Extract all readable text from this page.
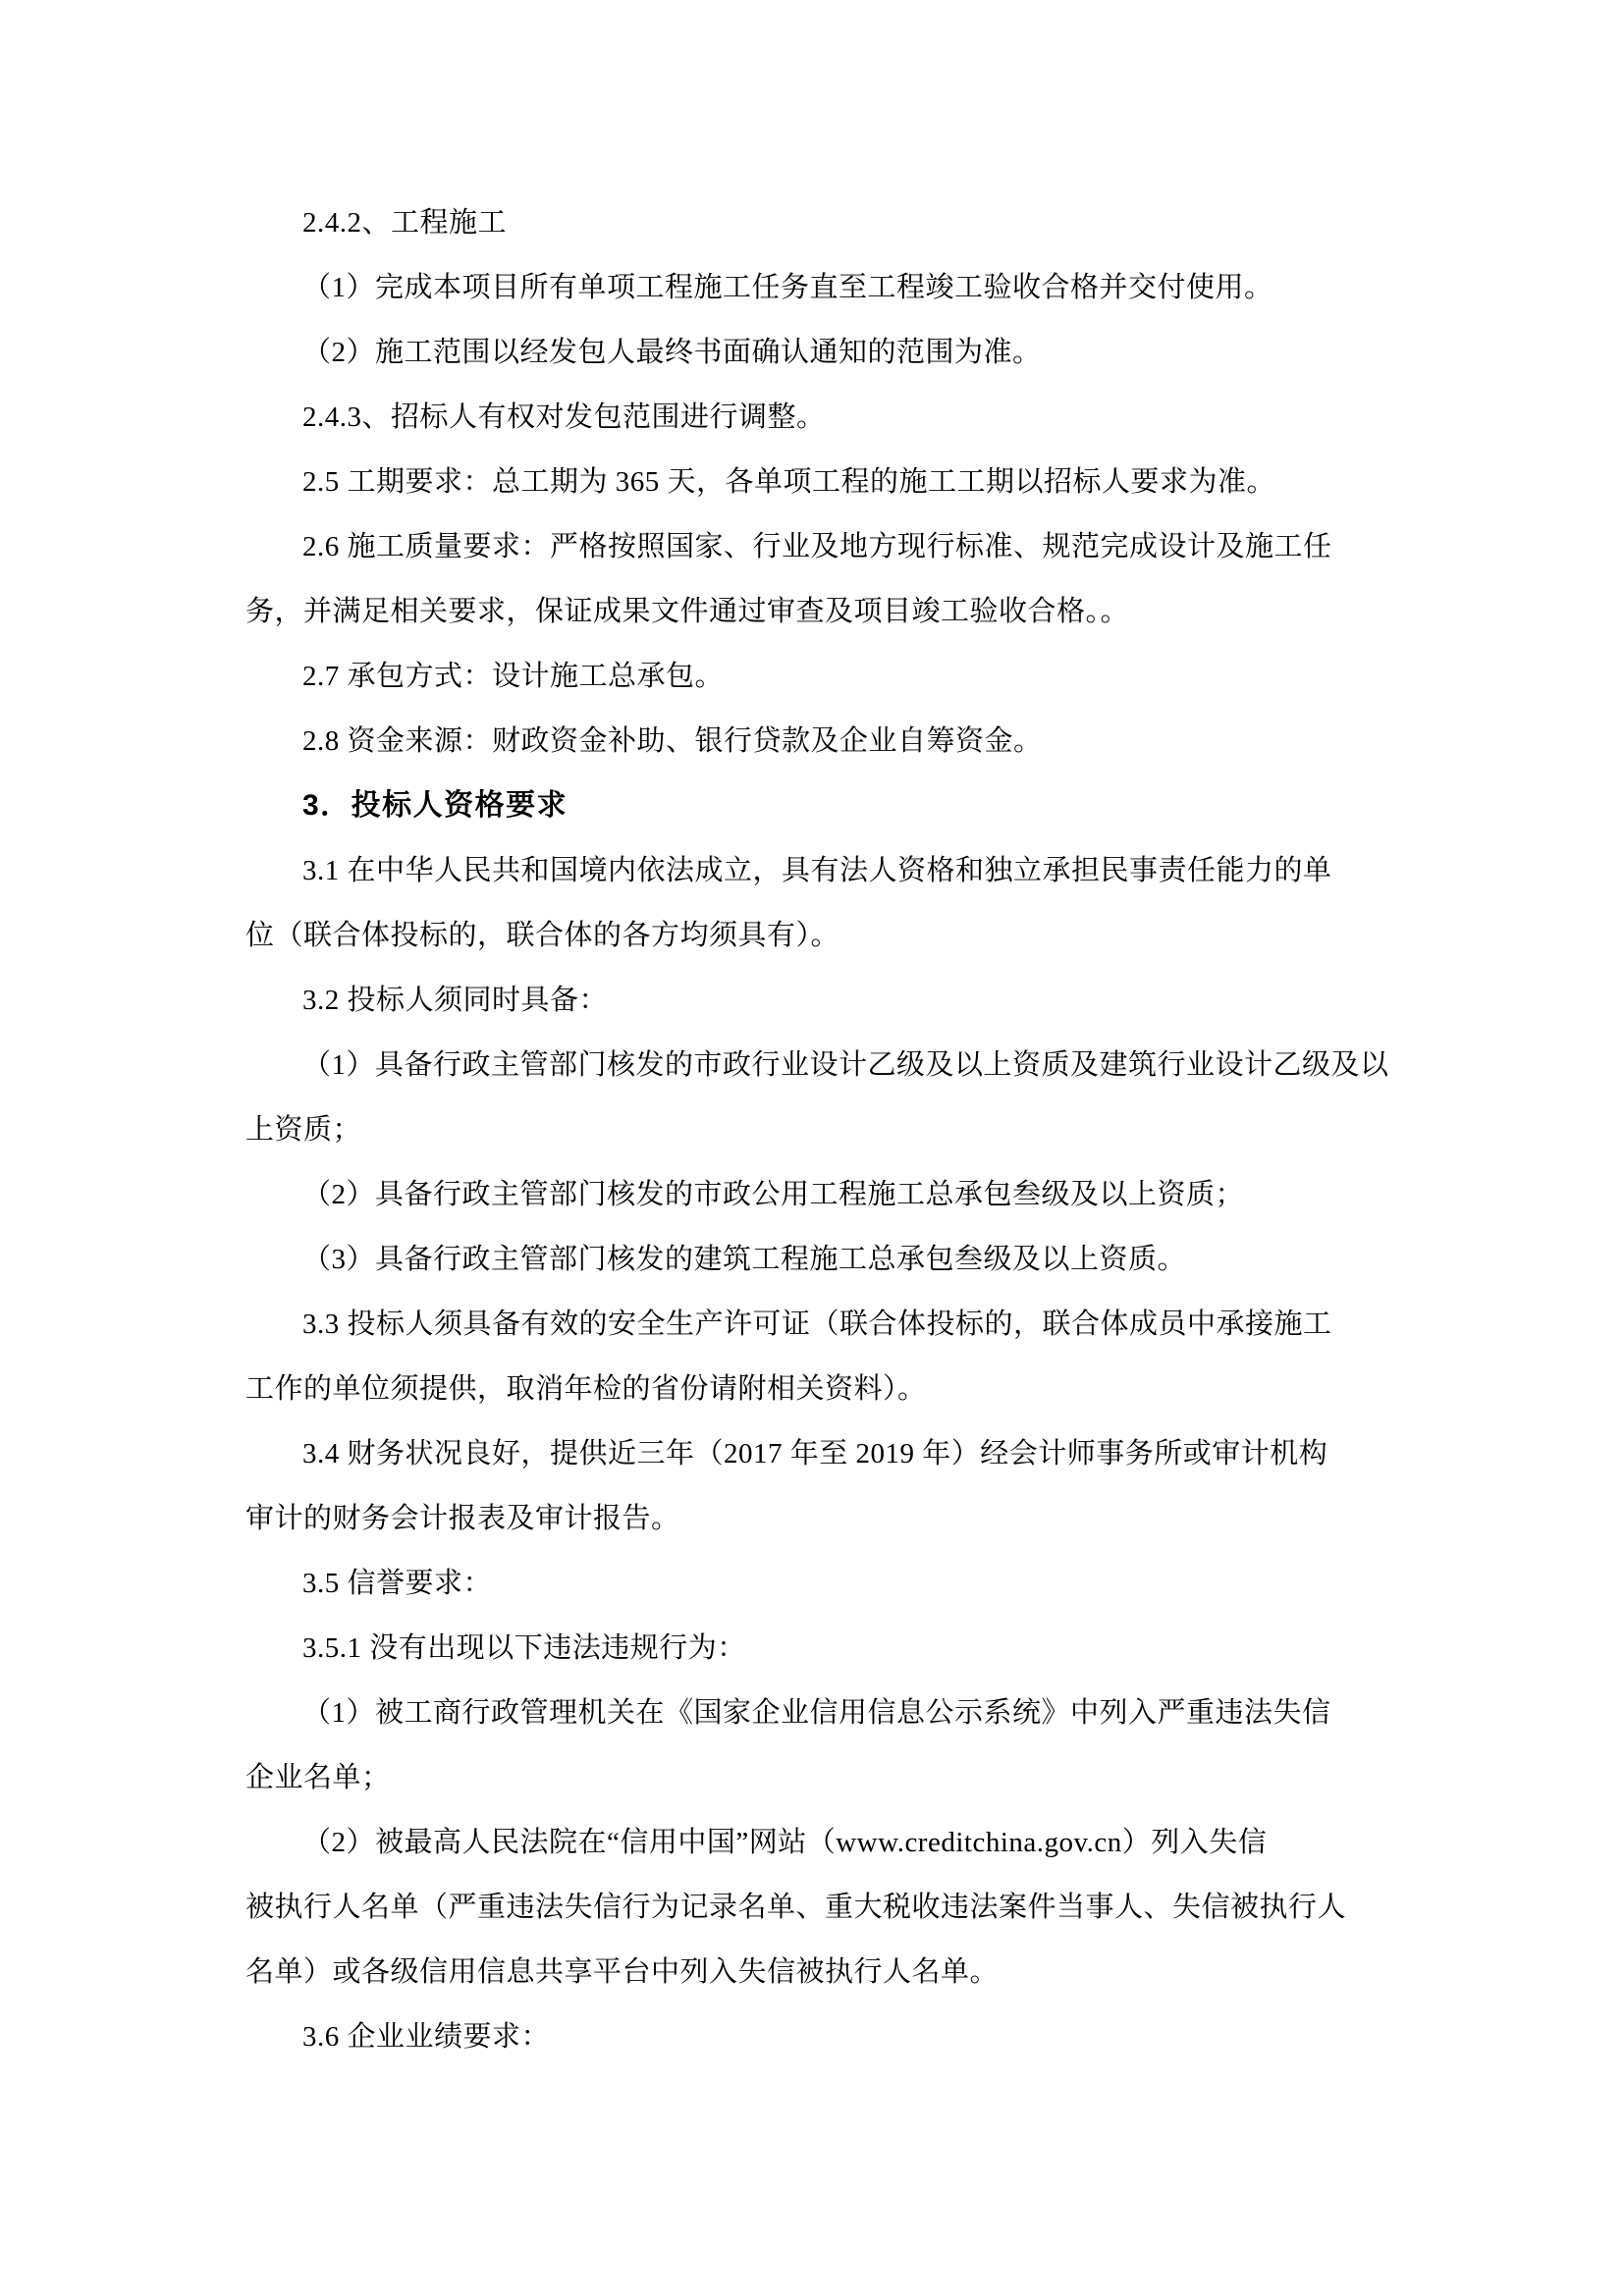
2.4.2、工程施工
（1）完成本项目所有单项工程施工任务直至工程竣工验收合格并交付使用。
（2）施工范围以经发包人最终书面确认通知的范围为准。
2.4.3、招标人有权对发包范围进行调整。
2.5 工期要求：总工期为 365 天，各单项工程的施工工期以招标人要求为准。
2.6 施工质量要求：严格按照国家、行业及地方现行标准、规范完成设计及施工任
务，并满足相关要求，保证成果文件通过审查及项目竣工验收合格。。
2.7 承包方式：设计施工总承包。
2.8 资金来源：财政资金补助、银行贷款及企业自筹资金。
3．投标人资格要求
3.1 在中华人民共和国境内依法成立，具有法人资格和独立承担民事责任能力的单
位（联合体投标的，联合体的各方均须具有）。
3.2 投标人须同时具备：
（1）具备行政主管部门核发的市政行业设计乙级及以上资质及建筑行业设计乙级及以
上资质；
（2）具备行政主管部门核发的市政公用工程施工总承包叁级及以上资质；
（3）具备行政主管部门核发的建筑工程施工总承包叁级及以上资质。
3.3 投标人须具备有效的安全生产许可证（联合体投标的，联合体成员中承接施工
工作的单位须提供，取消年检的省份请附相关资料）。
3.4 财务状况良好，提供近三年（2017 年至 2019 年）经会计师事务所或审计机构
审计的财务会计报表及审计报告。
3.5 信誉要求：
3.5.1 没有出现以下违法违规行为：
（1）被工商行政管理机关在《国家企业信用信息公示系统》中列入严重违法失信
企业名单；
（2）被最高人民法院在“信用中国”网站（www.creditchina.gov.cn）列入失信
被执行人名单（严重违法失信行为记录名单、重大税收违法案件当事人、失信被执行人
名单）或各级信用信息共享平台中列入失信被执行人名单。
3.6 企业业绩要求：
